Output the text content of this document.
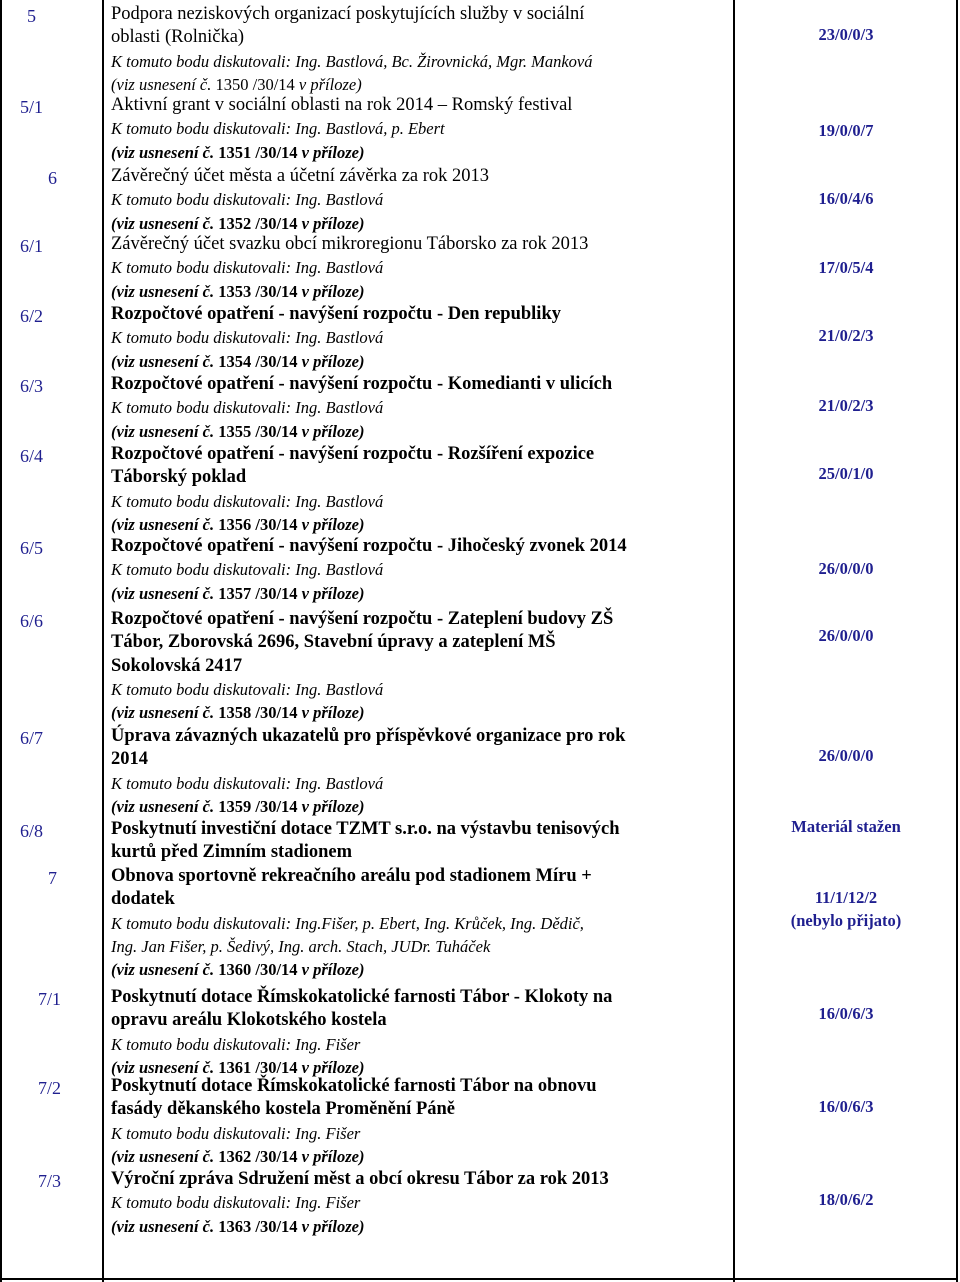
5	Podpora neziskových organizací poskytujících služby v sociální
oblasti (Rolnička)
K tomuto bodu diskutovali: Ing. Bastlová, Bc. Žirovnická, Mgr. Manková
(viz usnesení č. 1350 /30/14 v příloze)
23/0/0/3
5/1	Aktivní grant v sociální oblasti na rok 2014 – Romský festival
K tomuto bodu diskutovali: Ing. Bastlová, p. Ebert
(viz usnesení č. 1351 /30/14 v příloze)
19/0/0/7
6	Závěrečný účet města a účetní závěrka za rok 2013
K tomuto bodu diskutovali: Ing. Bastlová
(viz usnesení č. 1352 /30/14 v příloze)
16/0/4/6
6/1	Závěrečný účet svazku obcí mikroregionu Táborsko za rok 2013
K tomuto bodu diskutovali: Ing. Bastlová
(viz usnesení č. 1353 /30/14 v příloze)
17/0/5/4
6/2	Rozpočtové opatření - navýšení rozpočtu - Den republiky
K tomuto bodu diskutovali: Ing. Bastlová
(viz usnesení č. 1354 /30/14 v příloze)
21/0/2/3
6/3	Rozpočtové opatření - navýšení rozpočtu - Komedianti v ulicích
K tomuto bodu diskutovali: Ing. Bastlová
(viz usnesení č. 1355 /30/14 v příloze)
21/0/2/3
6/4	Rozpočtové opatření - navýšení rozpočtu - Rozšíření expozice
Táborský poklad
K tomuto bodu diskutovali: Ing. Bastlová
(viz usnesení č. 1356 /30/14 v příloze)
25/0/1/0
6/5	Rozpočtové opatření - navýšení rozpočtu - Jihočeský zvonek 2014
K tomuto bodu diskutovali: Ing. Bastlová
(viz usnesení č. 1357 /30/14 v příloze)
26/0/0/0
6/6	Rozpočtové opatření - navýšení rozpočtu - Zateplení budovy ZŠ
Tábor, Zborovská 2696, Stavební úpravy a zateplení MŠ
Sokolovská 2417
K tomuto bodu diskutovali: Ing. Bastlová
(viz usnesení č. 1358 /30/14 v příloze)
26/0/0/0
6/7	Úprava závazných ukazatelů pro příspěvkové organizace pro rok
2014
K tomuto bodu diskutovali: Ing. Bastlová
(viz usnesení č. 1359 /30/14 v příloze)
26/0/0/0
6/8	Poskytnutí investiční dotace TZMT s.r.o. na výstavbu tenisových
kurtů před Zimním stadionem
Materiál stažen
7	Obnova sportovně rekreačního areálu pod stadionem Míru +
dodatek
K tomuto bodu diskutovali: Ing.Fišer, p. Ebert, Ing. Krůček, Ing. Dědič,
Ing. Jan Fišer, p. Šedivý, Ing. arch. Stach, JUDr. Tuháček
(viz usnesení č. 1360 /30/14 v příloze)
11/1/12/2
(nebylo přijato)
7/1	Poskytnutí dotace Římskokatolické farnosti Tábor - Klokoty na
opravu areálu Klokotského kostela
K tomuto bodu diskutovali: Ing. Fišer
(viz usnesení č. 1361 /30/14 v příloze)
16/0/6/3
7/2	Poskytnutí dotace Římskokatolické farnosti Tábor na obnovu
fasády děkanského kostela Proměnění Páně
K tomuto bodu diskutovali: Ing. Fišer
(viz usnesení č. 1362 /30/14 v příloze)
16/0/6/3
7/3	Výroční zpráva Sdružení měst a obcí okresu Tábor za rok 2013
K tomuto bodu diskutovali: Ing. Fišer
(viz usnesení č. 1363 /30/14 v příloze)
18/0/6/2
